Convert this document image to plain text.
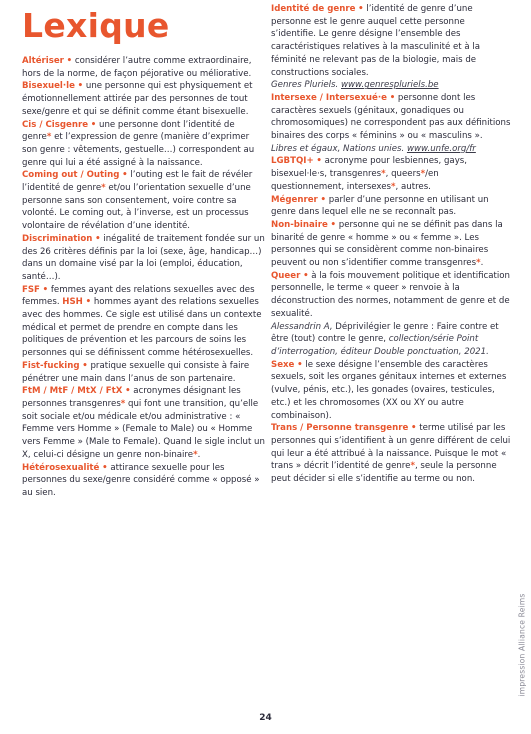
Lexique

Altériser • considérer l’autre comme extraordinaire, hors de la norme, de façon péjorative ou méliorative.

Bisexuel·le • une personne qui est physiquement et émotionnellement attirée par des personnes de tout sexe/genre et qui se définit comme étant bisexuelle.

Cis / Cisgenre • une personne dont l’identité de genre* et l’expression de genre (manière d’exprimer son genre : vêtements, gestuelle…) correspondent au genre qui lui a été assigné à la naissance.

Coming out / Outing • l’outing est le fait de révéler l’identité de genre* et/ou l’orientation sexuelle d’une personne sans son consentement, voire contre sa volonté. Le coming out, à l’inverse, est un processus volontaire de révélation d’une identité.

Discrimination • inégalité de traitement fondée sur un des 26 critères définis par la loi (sexe, âge, handicap…) dans un domaine visé par la loi (emploi, éducation, santé…).

FSF • femmes ayant des relations sexuelles avec des femmes. HSH • hommes ayant des relations sexuelles avec des hommes. Ce sigle est utilisé dans un contexte médical et permet de prendre en compte dans les politiques de prévention et les parcours de soins les personnes qui se définissent comme hétérosexuelles.

Fist-fucking • pratique sexuelle qui consiste à faire pénétrer une main dans l’anus de son partenaire.

FtM / MtF / MtX / FtX • acronymes désignant les personnes transgenres* qui font une transition, qu’elle soit sociale et/ou médicale et/ou administrative : « Femme vers Homme » (Female to Male) ou « Homme vers Femme » (Male to Female). Quand le sigle inclut un X, celui-ci désigne un genre non-binaire*.

Hétérosexualité • attirance sexuelle pour les personnes du sexe/genre considéré comme « opposé » au sien.

Identité de genre • l’identité de genre d’une personne est le genre auquel cette personne s’identifie. Le genre désigne l’ensemble des caractéristiques relatives à la masculinité et à la féminité ne relevant pas de la biologie, mais de constructions sociales.

Genres Pluriels. www.genrespluriels.be

Intersexe / Intersexué·e • personne dont les caractères sexuels (génitaux, gonadiques ou chromosomiques) ne correspondent pas aux définitions binaires des corps « féminins » ou « masculins ».

Libres et égaux, Nations unies. www.unfe.org/fr

LGBTQI+ • acronyme pour lesbiennes, gays, bisexuel·le·s, transgenres*, queers*/en questionnement, intersexes*, autres.

Mégenrer • parler d’une personne en utilisant un genre dans lequel elle ne se reconnaît pas.

Non-binaire • personne qui ne se définit pas dans la binarité de genre « homme » ou « femme ». Les personnes qui se considèrent comme non-binaires peuvent ou non s’identifier comme transgenres*.

Queer • à la fois mouvement politique et identification personnelle, le terme « queer » renvoie à la déconstruction des normes, notamment de genre et de sexualité.

Alessandrin A, Déprivilégier le genre : Faire contre et être (tout) contre le genre, collection/série Point d’interrogation, éditeur Double ponctuation, 2021.

Sexe • le sexe désigne l’ensemble des caractères sexuels, soit les organes génitaux internes et externes (vulve, pénis, etc.), les gonades (ovaires, testicules, etc.) et les chromosomes (XX ou XY ou autre combinaison).

Trans / Personne transgenre • terme utilisé par les personnes qui s’identifient à un genre différent de celui qui leur a été attribué à la naissance. Puisque le mot « trans » décrit l’identité de genre*, seule la personne peut décider si elle s’identifie au terme ou non.

24
impression Alliance Reims
